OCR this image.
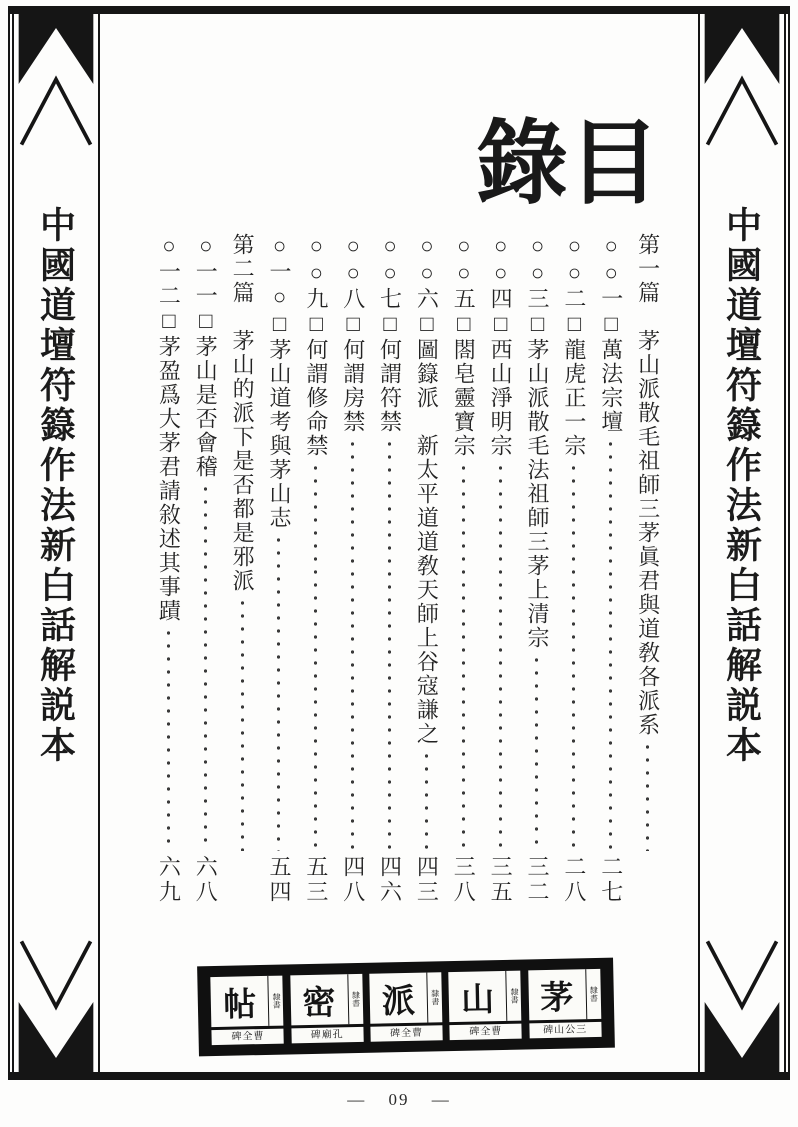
中國道壇符籙作法新白話解説本	中國道壇符籙作法新白話解説本
錄 目
第一篇　茅山派散毛祖師三茅眞君與道敎各派系
○○一□萬法宗壇
二七
○○二□龍虎正一宗
二八
○○三□茅山派散毛法祖師三茅上清宗
三二
○○四□西山淨明宗
三五
○○五□閤皂靈寶宗
三八
○○六□圖籙派　新太平道道敎天師上谷寇謙之
四三
○○七□何謂符禁
四六
○○八□何謂房禁
四八
○○九□何謂修命禁
五三
○一○□茅山道考與茅山志
五四
第二篇　茅山的派下是否都是邪派
○一一□茅山是否會稽
六八
○一二□茅盈爲大茅君請敘述其事蹟
六九
帖	隸書
碑全曹
密	隸書
碑廟孔
派	隸書
碑全曹
山	隸書
碑全曹
茅	隸書
碑山公三
— 09 —
